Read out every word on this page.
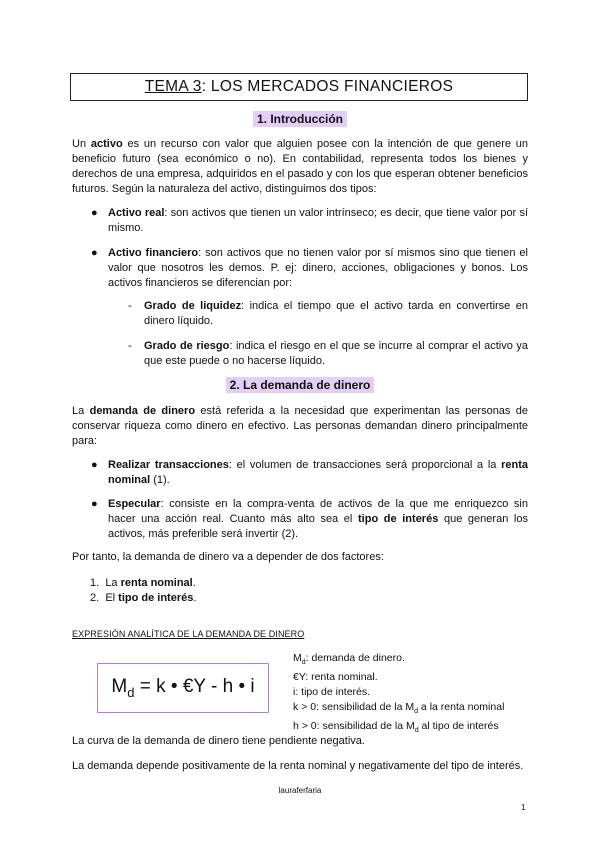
TEMA 3 : LOS MERCADOS FINANCIEROS
1. Introducción
Un activo es un recurso con valor que alguien posee con la intención de que genere un beneficio futuro (sea económico o no). En contabilidad, representa todos los bienes y derechos de una empresa, adquiridos en el pasado y con los que esperan obtener beneficios futuros. Según la naturaleza del activo, distinguimos dos tipos:
● Activo real: son activos que tienen un valor intrínseco; es decir, que tiene valor por sí mismo.
● Activo financiero: son activos que no tienen valor por sí mismos sino que tienen el valor que nosotros les demos. P. ej: dinero, acciones, obligaciones y bonos. Los activos financieros se diferencian por:
- Grado de liquidez: indica el tiempo que el activo tarda en convertirse en dinero líquido.
- Grado de riesgo: indica el riesgo en el que se incurre al comprar el activo ya que este puede o no hacerse líquido.
2. La demanda de dinero
La demanda de dinero está referida a la necesidad que experimentan las personas de conservar riqueza como dinero en efectivo. Las personas demandan dinero principalmente para:
● Realizar transacciones: el volumen de transacciones será proporcional a la renta nominal (1).
● Especular: consiste en la compra-venta de activos de la que me enriquezco sin hacer una acción real. Cuanto más alto sea el tipo de interés que generan los activos, más preferible será invertir (2).
Por tanto, la demanda de dinero va a depender de dos factores:
1. La renta nominal.
2. El tipo de interés.
EXPRESIÓN ANALÍTICA DE LA DEMANDA DE DINERO
$M_d = k$ • €Y - h • i
$M_d$: demanda de dinero.
€Y: renta nominal.
i: tipo de interés.
k > 0: sensibilidad de la $M_d$ a la renta nominal
h > 0: sensibilidad de la $M_d$ al tipo de interés
La curva de la demanda de dinero tiene pendiente negativa.
La demanda depende positivamente de la renta nominal y negativamente del tipo de interés.
lauraferfaria
1
